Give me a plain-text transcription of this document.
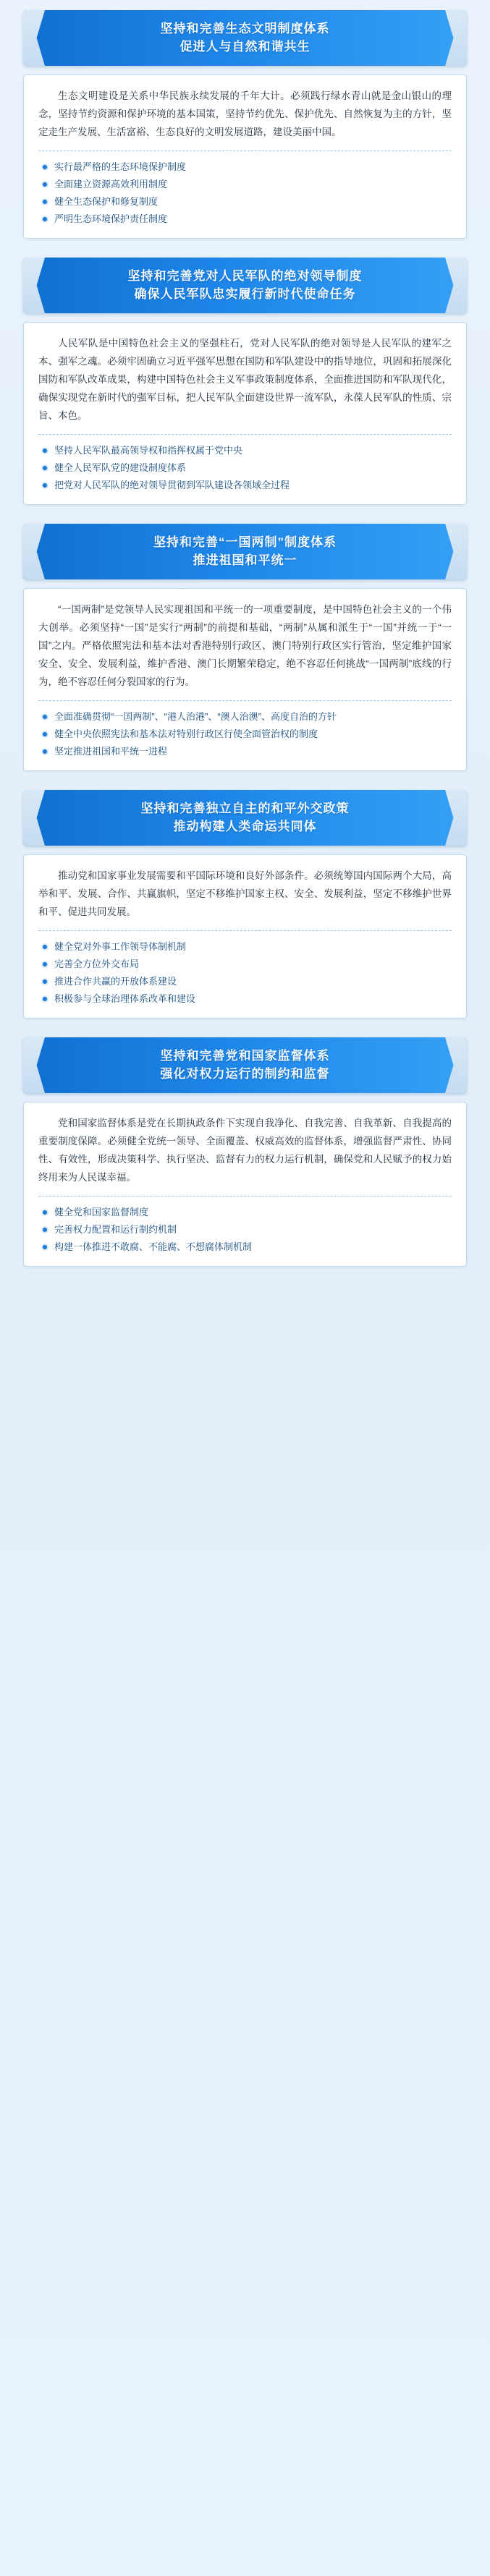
坚持和完善生态文明制度体系
促进人与自然和谐共生

生态文明建设是关系中华民族永续发展的千年大计。必须践行绿水青山就是金山银山的理念，坚持节约资源和保护环境的基本国策，坚持节约优先、保护优先、自然恢复为主的方针，坚定走生产发展、生活富裕、生态良好的文明发展道路，建设美丽中国。

实行最严格的生态环境保护制度
全面建立资源高效利用制度
健全生态保护和修复制度
严明生态环境保护责任制度
坚持和完善党对人民军队的绝对领导制度
确保人民军队忠实履行新时代使命任务

人民军队是中国特色社会主义的坚强柱石，党对人民军队的绝对领导是人民军队的建军之本、强军之魂。必须牢固确立习近平强军思想在国防和军队建设中的指导地位，巩固和拓展深化国防和军队改革成果，构建中国特色社会主义军事政策制度体系，全面推进国防和军队现代化，确保实现党在新时代的强军目标，把人民军队全面建设世界一流军队，永葆人民军队的性质、宗旨、本色。

坚持人民军队最高领导权和指挥权属于党中央
健全人民军队党的建设制度体系
把党对人民军队的绝对领导贯彻到军队建设各领域全过程
坚持和完善“一国两制”制度体系
推进祖国和平统一

“一国两制”是党领导人民实现祖国和平统一的一项重要制度，是中国特色社会主义的一个伟大创举。必须坚持“一国”是实行“两制”的前提和基础，“两制”从属和派生于“一国”并统一于“一国”之内。严格依照宪法和基本法对香港特别行政区、澳门特别行政区实行管治，坚定维护国家安全、安全、发展利益，维护香港、澳门长期繁荣稳定，绝不容忍任何挑战“一国两制”底线的行为，绝不容忍任何分裂国家的行为。

全面准确贯彻“一国两制”、“港人治港”、“澳人治澳”、高度自治的方针
健全中央依照宪法和基本法对特别行政区行使全面管治权的制度
坚定推进祖国和平统一进程
坚持和完善独立自主的和平外交政策
推动构建人类命运共同体

推动党和国家事业发展需要和平国际环境和良好外部条件。必须统筹国内国际两个大局，高举和平、发展、合作、共赢旗帜，坚定不移维护国家主权、安全、发展利益，坚定不移维护世界和平、促进共同发展。

健全党对外事工作领导体制机制
完善全方位外交布局
推进合作共赢的开放体系建设
积极参与全球治理体系改革和建设
坚持和完善党和国家监督体系
强化对权力运行的制约和监督

党和国家监督体系是党在长期执政条件下实现自我净化、自我完善、自我革新、自我提高的重要制度保障。必须健全党统一领导、全面覆盖、权威高效的监督体系，增强监督严肃性、协同性、有效性，形成决策科学、执行坚决、监督有力的权力运行机制，确保党和人民赋予的权力始终用来为人民谋幸福。

健全党和国家监督制度
完善权力配置和运行制约机制
构建一体推进不敢腐、不能腐、不想腐体制机制
